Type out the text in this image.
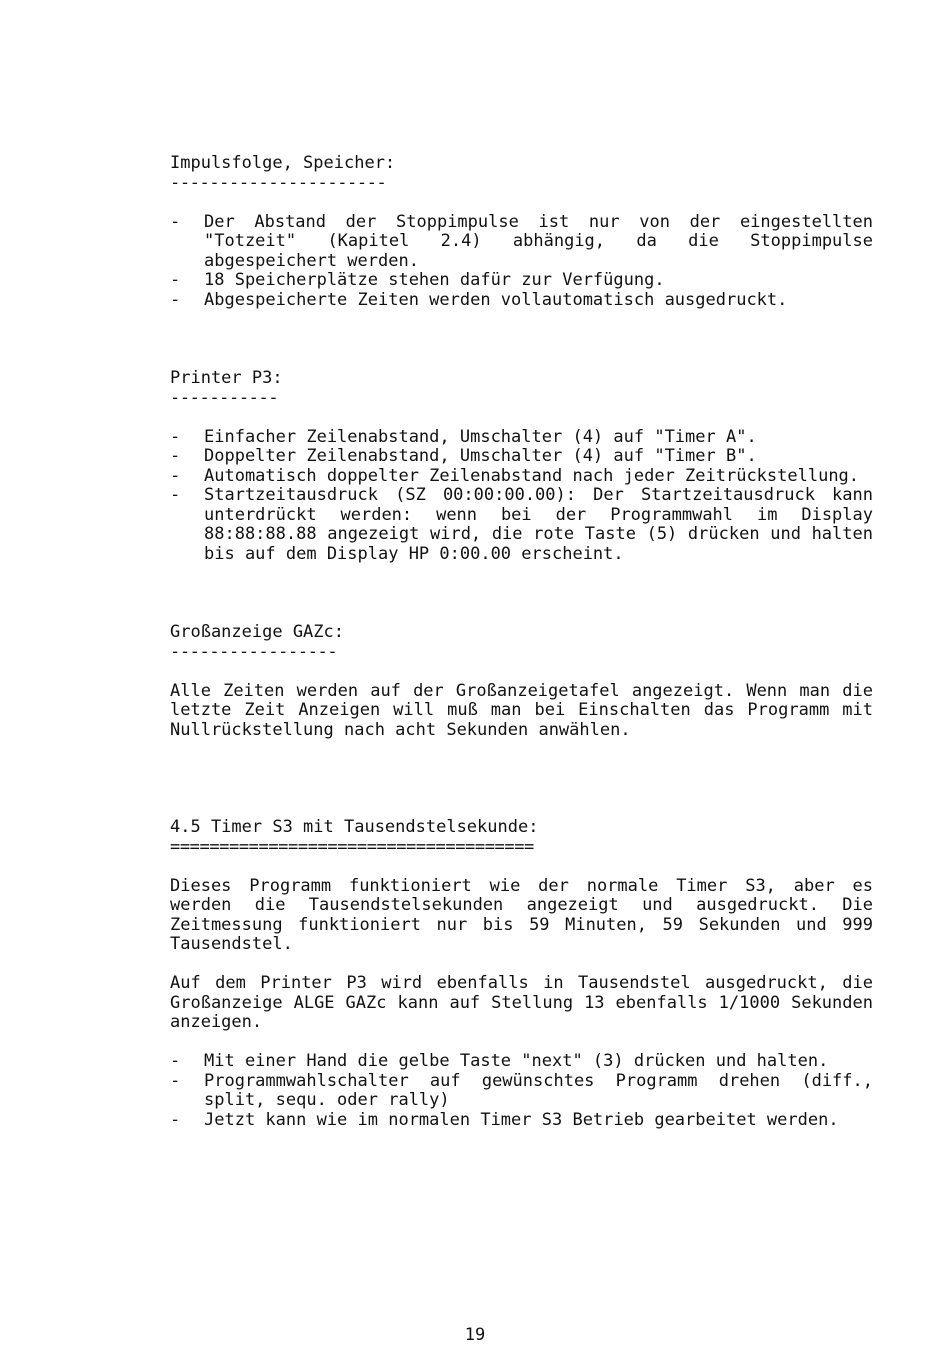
Impulsfolge, Speicher:
----------------------
- Der Abstand der Stoppimpulse ist nur von der eingestellten "Totzeit" (Kapitel 2.4) abhängig, da die Stoppimpulse abgespeichert werden.
- 18 Speicherplätze stehen dafür zur Verfügung.
- Abgespeicherte Zeiten werden vollautomatisch ausgedruckt.
Printer P3:
-----------
- Einfacher Zeilenabstand, Umschalter (4) auf "Timer A".
- Doppelter Zeilenabstand, Umschalter (4) auf "Timer B".
- Automatisch doppelter Zeilenabstand nach jeder Zeitrückstellung.
- Startzeitausdruck (SZ 00:00:00.00): Der Startzeitausdruck kann unterdrückt werden: wenn bei der Programmwahl im Display 88:88:88.88 angezeigt wird, die rote Taste (5) drücken und halten bis auf dem Display HP 0:00.00 erscheint.
Großanzeige GAZc:
-----------------
Alle Zeiten werden auf der Großanzeigetafel angezeigt. Wenn man die letzte Zeit Anzeigen will muß man bei Einschalten das Programm mit Nullrückstellung nach acht Sekunden anwählen.
4.5 Timer S3 mit Tausendstelsekunde:
=====================================
Dieses Programm funktioniert wie der normale Timer S3, aber es werden die Tausendstelsekunden angezeigt und ausgedruckt. Die Zeitmessung funktioniert nur bis 59 Minuten, 59 Sekunden und 999 Tausendstel.
Auf dem Printer P3 wird ebenfalls in Tausendstel ausgedruckt, die Großanzeige ALGE GAZc kann auf Stellung 13 ebenfalls 1/1000 Sekunden anzeigen.
- Mit einer Hand die gelbe Taste "next" (3) drücken und halten.
- Programmwahlschalter auf gewünschtes Programm drehen (diff., split, sequ. oder rally)
- Jetzt kann wie im normalen Timer S3 Betrieb gearbeitet werden.
19
